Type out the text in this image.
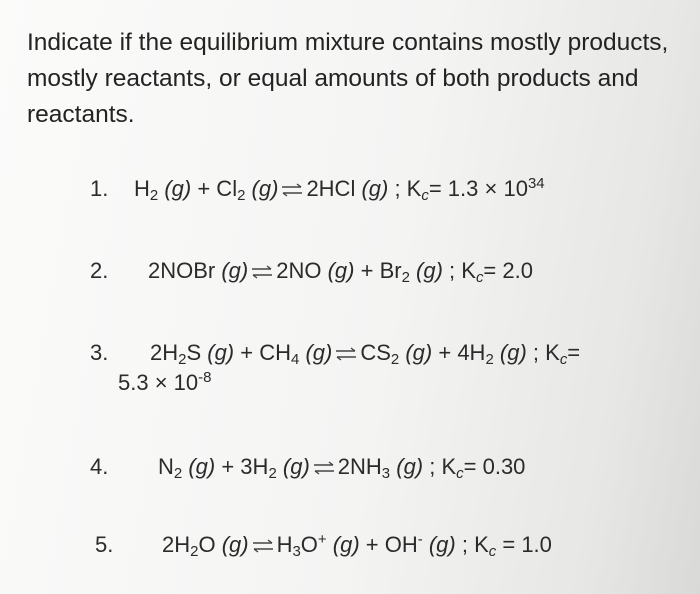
Indicate if the equilibrium mixture contains mostly products, mostly reactants, or equal amounts of both products and reactants.

1. $H_2$ $(g) + Cl_2$ (g) ⇌ 2HCl (g) ; $K_c= 1.3 \times 10^{34}$
2. 2NOBr (g) ⇌ 2NO $(g) + Br_2$ (g) ; $K_c= 2.0$
3. $2H_2S$ $(g) + CH_4$ (g) ⇌ $CS_2$ $(g) + 4H_2$ (g) ; $K_c=$
$5.3 \times 10^{-8}$
4. $N_2$ $(g) + 3H_2$ (g) ⇌ $2NH_3$ (g) ; $K_c= 0.30$
5. $2H_2O$ (g) ⇌ $H_3O^+$ (g) + OH- (g) ; $K_c = 1.0$
